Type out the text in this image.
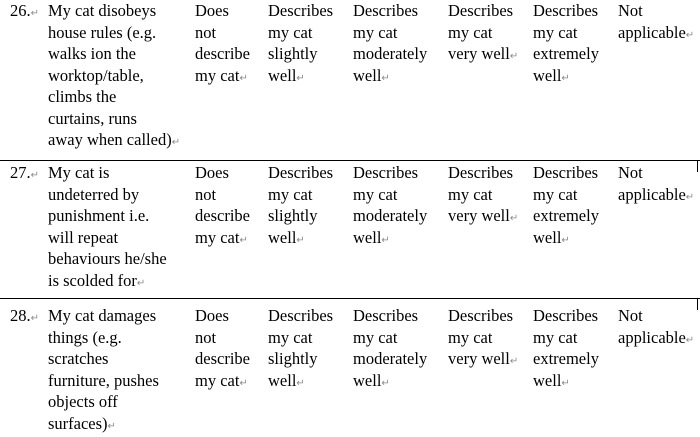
26.↵ My cat disobeys
house rules (e.g.
walks ion the
worktop/table,
climbs the
curtains, runs
away when called)↵
Does
not
describe
my cat↵
Describes
my cat
slightly
well↵
Describes
my cat
moderately
well↵
Describes
my cat
very well↵
Describes
my cat
extremely
well↵
Not
applicable↵
27.↵ My cat is
undeterred by
punishment i.e.
will repeat
behaviours he/she
is scolded for↵
Does
not
describe
my cat↵
Describes
my cat
slightly
well↵
Describes
my cat
moderately
well↵
Describes
my cat
very well↵
Describes
my cat
extremely
well↵
Not
applicable↵
28.↵ My cat damages
things (e.g.
scratches
furniture, pushes
objects off
surfaces)↵
Does
not
describe
my cat↵
Describes
my cat
slightly
well↵
Describes
my cat
moderately
well↵
Describes
my cat
very well↵
Describes
my cat
extremely
well↵
Not
applicable↵
